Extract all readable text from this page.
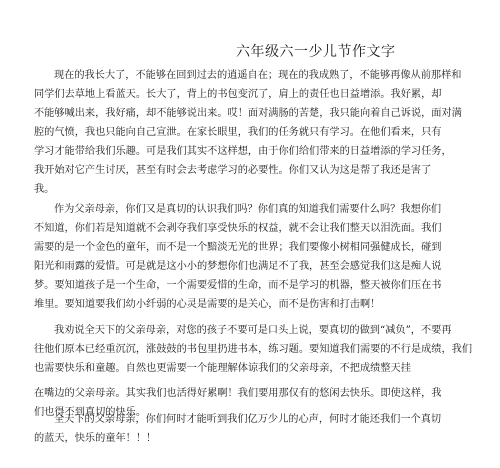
六年级六一少儿节作文字
现在的我长大了，不能够在回到过去的逍遥自在；现在的我成熟了，不能够再像从前那样和
同学们去草地上看蓝天。长大了，背上的书包变沉了，肩上的责任也日益增添。我好累，却
不能够喊出来，我好痛，却不能够说出来。哎！面对满肠的苦楚，我只能向着自己诉说，面对满
腔的气愤，我也只能向自己宣泄。在家长眼里，我们的任务就只有学习。在他们看来，只有
学习才能带给我们乐趣。可是我们其实不这样想，由于你们给们带来的日益增添的学习任务，
我开始对它产生讨厌，甚至有时会去考虑学习的必要性。你们又认为这是帮了我还是害了
我。
作为父亲母亲，你们又是真切的认识我们吗？你们真的知道我们需要什么吗？我想你们
不知道，你们若是知道就不会剥夺我们享受快乐的权益，就不会让我们整天以泪洗面。我们
需要的是一个金色的童年，而不是一个黯淡无光的世界；我们要像小树相同强健成长，碰到
阳光和雨露的爱惜。可是就是这小小的梦想你们也满足不了我，甚至会感觉我们这是痴人说
梦。要知道孩子是一个生命，一个需要爱惜的生命，而不是学习的机器，整天被你们压在书
堆里。要知道要我们幼小纤弱的心灵是需要的是关心，而不是伤害和打击啊！
我劝说全天下的父亲母亲，对您的孩子不要可是口头上说，要真切的做到“减负”，不要再
往他们原本已经重沉沉，涨鼓鼓的书包里扔进书本，练习题。要知道我们需要的不行是成绩，我们
也需要快乐和童趣。自然也更需要一个能理解体谅我们的父亲母亲，不把成绩整天挂
在嘴边的父亲母亲。其实我们也活得好累啊！我们要用那仅有的悠闲去快乐。即使这样，我
们也得不到真切的快乐。
全天下的父亲母亲，你们何时才能听到我们亿万少儿的心声，何时才能还我们一个真切
的蓝天，快乐的童年！！！
